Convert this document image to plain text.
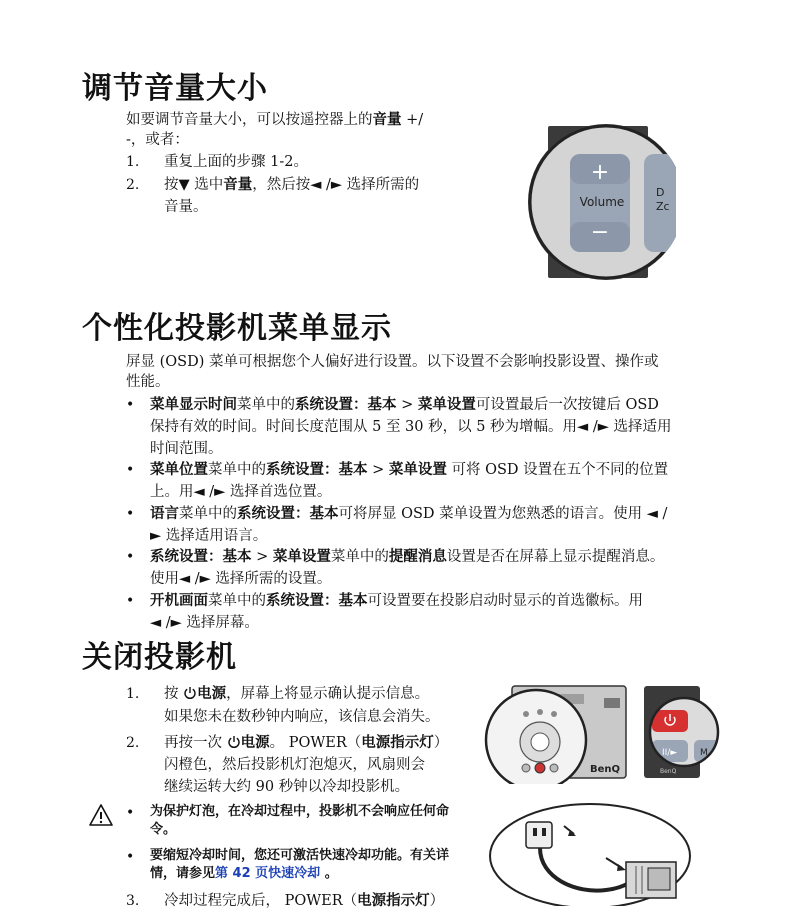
调节音量大小

如要调节音量大小，可以按遥控器上的音量 +/

-，或者：

1. 重复上面的步骤 1-2。
2. 按▼ 选中音量，然后按◄ /► 选择所需的
音量。
+
Volume
−
D
Zc
个性化投影机菜单显示

屏显 (OSD) 菜单可根据您个人偏好进行设置。以下设置不会影响投影设置、操作或

性能。

• 菜单显示时间菜单中的系统设置：基本 > 菜单设置可设置最后一次按键后 OSD

保持有效的时间。时间长度范围从 5 至 30 秒，以 5 秒为增幅。用◄ /► 选择适用

时间范围。

• 菜单位置菜单中的系统设置：基本 > 菜单设置 可将 OSD 设置在五个不同的位置

上。用◄ /► 选择首选位置。

• 语言菜单中的系统设置：基本可将屏显 OSD 菜单设置为您熟悉的语言。使用 ◄ /

► 选择适用语言。

• 系统设置：基本 > 菜单设置菜单中的提醒消息设置是否在屏幕上显示提醒消息。

使用◄ /► 选择所需的设置。

• 开机画面菜单中的系统设置：基本可设置要在投影启动时显示的首选徽标。用

◄ /► 选择屏幕。

关闭投影机
1. 按 电源，屏幕上将显示确认提示信息。

如果您未在数秒钟内响应，该信息会消失。

2. 再按一次 电源。 POWER（电源指示灯）

闪橙色，然后投影机灯泡熄灭，风扇则会

继续运转大约 90 秒钟以冷却投影机。

• 为保护灯泡，在冷却过程中，投影机不会响应任何命

令。

• 要缩短冷却时间，您还可激活快速冷却功能。有关详

情，请参见第 42 页快速冷却 。

3. 冷却过程完成后， POWER（电源指示灯）

BenQ
II/►	M
BenQ
